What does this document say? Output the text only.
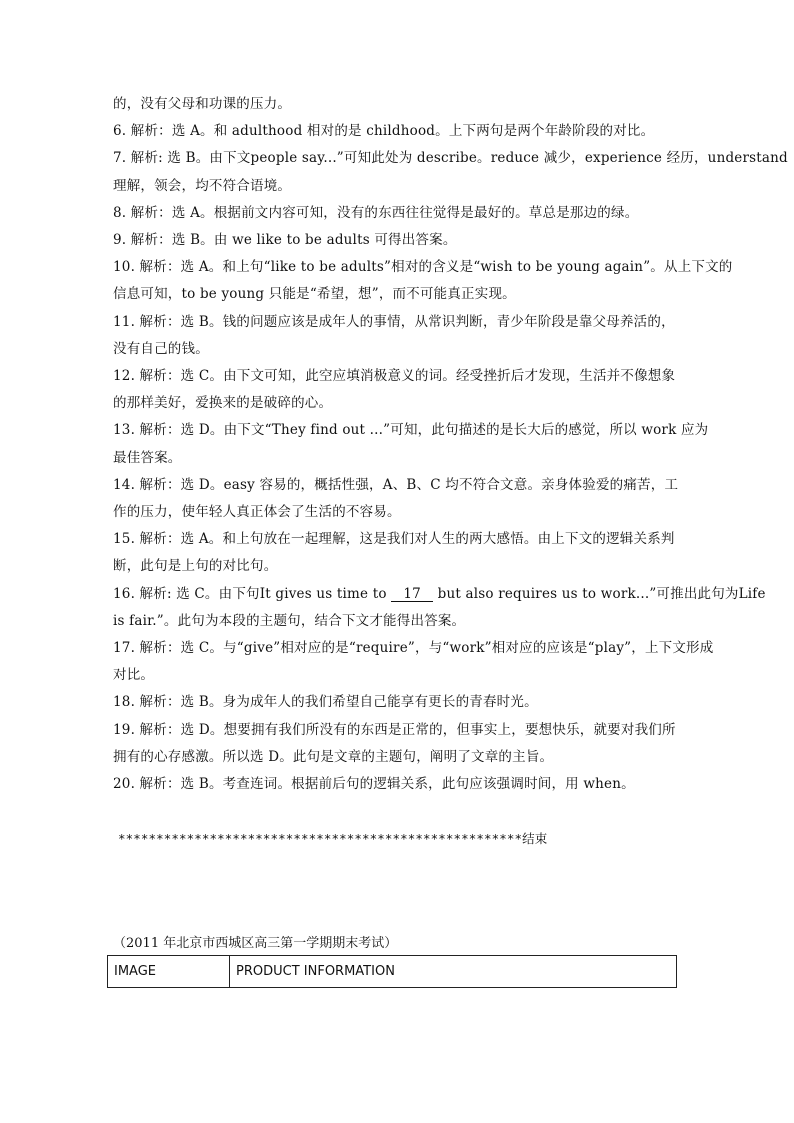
的，没有父母和功课的压力。
6. 解析：选 A。和 adulthood 相对的是 childhood。上下两句是两个年龄阶段的对比。
7. 解析: 选 B。由下文people say...”可知此处为 describe。reduce 减少，experience 经历，understand
理解，领会，均不符合语境。
8. 解析：选 A。根据前文内容可知，没有的东西往往觉得是最好的。草总是那边的绿。
9. 解析：选 B。由 we like to be adults 可得出答案。
10. 解析：选 A。和上句“like to be adults”相对的含义是“wish to be young again”。从上下文的
信息可知，to be young 只能是“希望，想”，而不可能真正实现。
11. 解析：选 B。钱的问题应该是成年人的事情，从常识判断，青少年阶段是靠父母养活的，
没有自己的钱。
12. 解析：选 C。由下文可知，此空应填消极意义的词。经受挫折后才发现，生活并不像想象
的那样美好，爱换来的是破碎的心。
13. 解析：选 D。由下文“They find out ...”可知，此句描述的是长大后的感觉，所以 work 应为
最佳答案。
14. 解析：选 D。easy 容易的，概括性强，A、B、C 均不符合文意。亲身体验爱的痛苦，工
作的压力，使年轻人真正体会了生活的不容易。
15. 解析：选 A。和上句放在一起理解，这是我们对人生的两大感悟。由上下文的逻辑关系判
断，此句是上句的对比句。
16. 解析: 选 C。由下句It gives us time to 17 but also requires us to work...”可推出此句为Life
is fair.”。此句为本段的主题句，结合下文才能得出答案。
17. 解析：选 C。与“give”相对应的是“require”，与“work”相对应的应该是“play”，上下文形成
对比。
18. 解析：选 B。身为成年人的我们希望自己能享有更长的青春时光。
19. 解析：选 D。想要拥有我们所没有的东西是正常的，但事实上，要想快乐，就要对我们所
拥有的心存感激。所以选 D。此句是文章的主题句，阐明了文章的主旨。
20. 解析：选 B。考查连词。根据前后句的逻辑关系，此句应该强调时间，用 when。
*****************************************************结束
（2011 年北京市西城区高三第一学期期末考试）
IMAGE	PRODUCT INFORMATION
